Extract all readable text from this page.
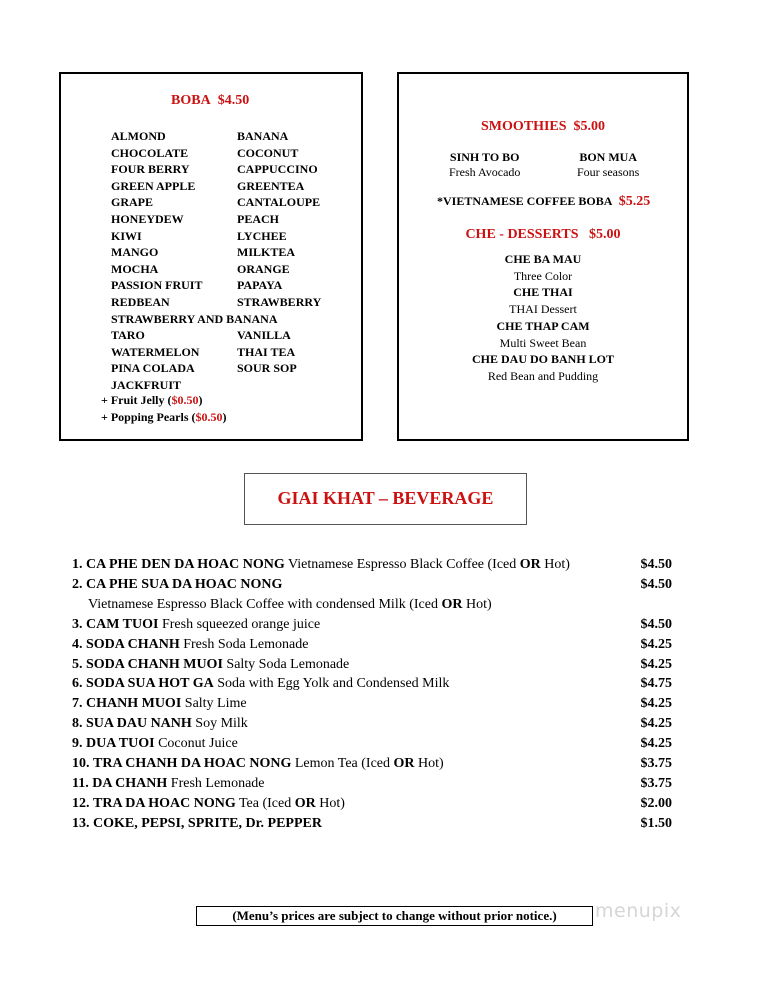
BOBA $4.50
ALMOND	BANANA
CHOCOLATE	COCONUT
FOUR BERRY	CAPPUCCINO
GREEN APPLE	GREENTEA
GRAPE	CANTALOUPE
HONEYDEW	PEACH
KIWI	LYCHEE
MANGO	MILKTEA
MOCHA	ORANGE
PASSION FRUIT	PAPAYA
REDBEAN	STRAWBERRY
STRAWBERRY AND BANANA
TARO	VANILLA
WATERMELON	THAI TEA
PINA COLADA	SOUR SOP
JACKFRUIT
+ Fruit Jelly ($0.50)
+ Popping Pearls ($0.50)
SMOOTHIES $5.00
SINH TO BO
Fresh Avocado
BON MUA
Four seasons
*VIETNAMESE COFFEE BOBA $5.25
CHE - DESSERTS $5.00
CHE BA MAU
Three Color
CHE THAI
THAI Dessert
CHE THAP CAM
Multi Sweet Bean
CHE DAU DO BANH LOT
Red Bean and Pudding
GIAI KHAT – BEVERAGE
1. CA PHE DEN DA HOAC NONG Vietnamese Espresso Black Coffee (Iced OR Hot)	$4.50
2. CA PHE SUA DA HOAC NONG	$4.50
Vietnamese Espresso Black Coffee with condensed Milk (Iced OR Hot)
3. CAM TUOI Fresh squeezed orange juice	$4.50
4. SODA CHANH Fresh Soda Lemonade	$4.25
5. SODA CHANH MUOI Salty Soda Lemonade	$4.25
6. SODA SUA HOT GA Soda with Egg Yolk and Condensed Milk	$4.75
7. CHANH MUOI Salty Lime	$4.25
8. SUA DAU NANH Soy Milk	$4.25
9. DUA TUOI Coconut Juice	$4.25
10. TRA CHANH DA HOAC NONG Lemon Tea (Iced OR Hot)	$3.75
11. DA CHANH Fresh Lemonade	$3.75
12. TRA DA HOAC NONG Tea (Iced OR Hot)	$2.00
13. COKE, PEPSI, SPRITE, Dr. PEPPER	$1.50
(Menu’s prices are subject to change without prior notice.)	menupix
